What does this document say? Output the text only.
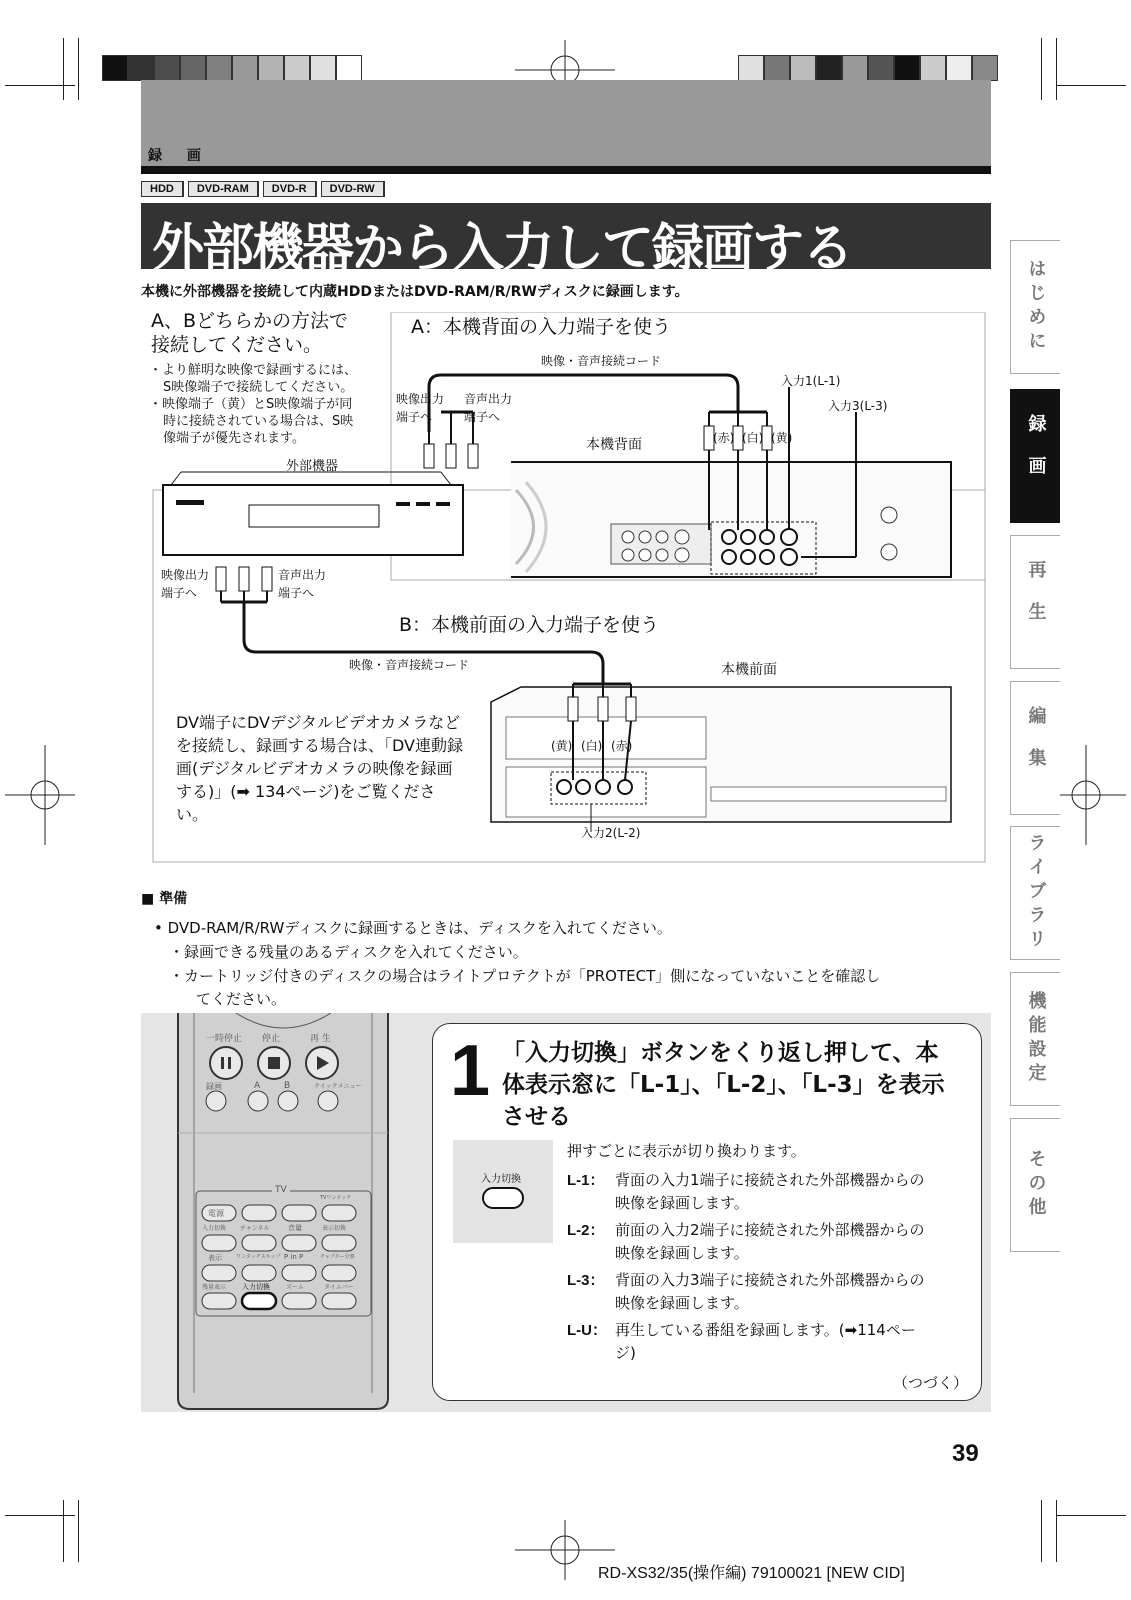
録 画
HDD	DVD-RAM	DVD-R	DVD-RW
外部機器から入力して録画する
本機に外部機器を接続して内蔵HDDまたはDVD-RAM/R/RWディスクに録画します。	はじめに
録画
再生
編集
ライブラリ
機能設定
その他
A、Bどちらかの方法で
接続してください。
・より鮮明な映像で録画するには、
S映像端子で接続してください。
・映像端子（黄）とS映像端子が同
時に接続されている場合は、S映
像端子が優先されます。
外部機器
A：本機背面の入力端子を使う
映像・音声接続コード
映像出力
端子へ
音声出力
端子へ
本機背面
入力1(L-1)
入力3(L-3)
(赤) (白) (黄)
映像出力
端子へ
音声出力
端子へ
B：本機前面の入力端子を使う
映像・音声接続コード	本機前面
(黄) (白) (赤)
入力2(L-2)
DV端子にDVデジタルビデオカメラなど
を接続し、録画する場合は、「DV連動録
画(デジタルビデオカメラの映像を録画
する)」(➡ 134ページ)をご覧くださ
い。
■ 準備
• DVD-RAM/R/RWディスクに録画するときは、ディスクを入れてください。
・録画できる残量のあるディスクを入れてください。
・カートリッジ付きのディスクの場合はライトプロテクトが「PROTECT」側になっていないことを確認し
てください。
一時停止 停止	再 生
録画	A	B	クイックメニュー
TV
電源
入力切換
表示
残量表示
チャンネル	音量
ワンタッチスキップ P in P
入力切換	ズーム	タイムバー
TVワンタッチ
表示切換
チャプター分割
1 「入力切換」ボタンをくり返し押して、本
体表示窓に「L-1」、「L-2」、「L-3」を表示
させる
入力切換
押すごとに表示が切り換わります。
L-1： 背面の入力1端子に接続された外部機器からの
映像を録画します。
L-2： 前面の入力2端子に接続された外部機器からの
映像を録画します。
L-3： 背面の入力3端子に接続された外部機器からの
映像を録画します。
L-U： 再生している番組を録画します。(➡114ペー
ジ)
（つづく）
39
RD-XS32/35(操作編) 79100021 [NEW CID]
